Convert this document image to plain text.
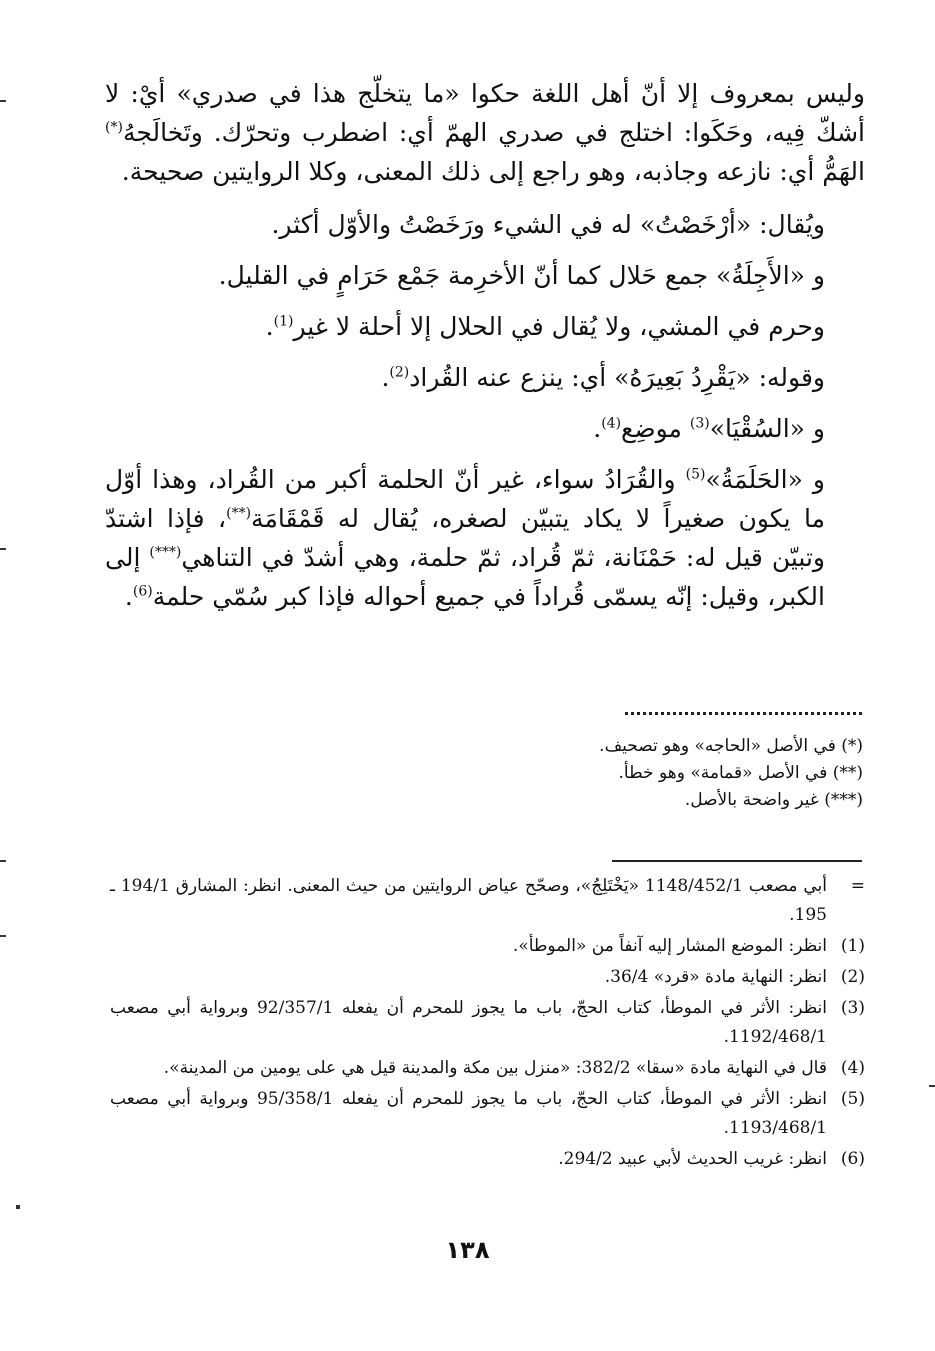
وليس بمعروف إلا أنّ أهل اللغة حكوا «ما يتخلّج هذا في صدري» أيْ: لا أشكّ فِيه، وحَكَوا: اختلج في صدري الهمّ أي: اضطرب وتحرّك. وتَخالَجهُ(*) الهَمُّ أي: نازعه وجاذبه، وهو راجع إلى ذلك المعنى، وكلا الروايتين صحيحة.

ويُقال: «أرْخَصْتُ» له في الشيء ورَخَصْتُ والأوّل أكثر.

و «الأَجِلَةُ» جمع حَلال كما أنّ الأخرِمة جَمْع حَرَامٍ في القليل.

وحرم في المشي، ولا يُقال في الحلال إلا أحلة لا غير$^{(1)}$.

وقوله: «يَقْرِدُ بَعِيرَهُ» أي: ينزع عنه القُراد$^{(2)}$.

و «السُقْيَا»$^{(3)}$ موضِع$^{(4)}$.

و «الحَلَمَةُ»$^{(5)}$ والقُرَادُ سواء، غير أنّ الحلمة أكبر من القُراد، وهذا أوّل ما يكون صغيراً لا يكاد يتبيّن لصغره، يُقال له قَمْقَامَة(**)، فإذا اشتدّ وتبيّن قيل له: حَمْنَانة، ثمّ قُراد، ثمّ حلمة، وهي أشدّ في التناهي(***) إلى الكبر، وقيل: إنّه يسمّى قُراداً في جميع أحواله فإذا كبر سُمّي حلمة$^{(6)}$.

(*) في الأصل «الحاجه» وهو تصحيف.
(**) في الأصل «قمامة» وهو خطأ.
(***) غير واضحة بالأصل.
=
أبي مصعب 1148/452/1 «يَخْتَلِجُ»، وصحّح عياض الروايتين من حيث المعنى. انظر: المشارق 194/1 ـ 195.
(1)
انظر: الموضع المشار إليه آنفاً من «الموطأ».
(2)
انظر: النهاية مادة «قرد» 36/4.
(3)
انظر: الأثر في الموطأ، كتاب الحجّ، باب ما يجوز للمحرم أن يفعله 92/357/1 وبرواية أبي مصعب 1192/468/1.
(4)
قال في النهاية مادة «سقا» 382/2: «منزل بين مكة والمدينة قيل هي على يومين من المدينة».
(5)
انظر: الأثر في الموطأ، كتاب الحجّ، باب ما يجوز للمحرم أن يفعله 95/358/1 وبرواية أبي مصعب 1193/468/1.
(6)
انظر: غريب الحديث لأبي عبيد 294/2.
١٣٨
